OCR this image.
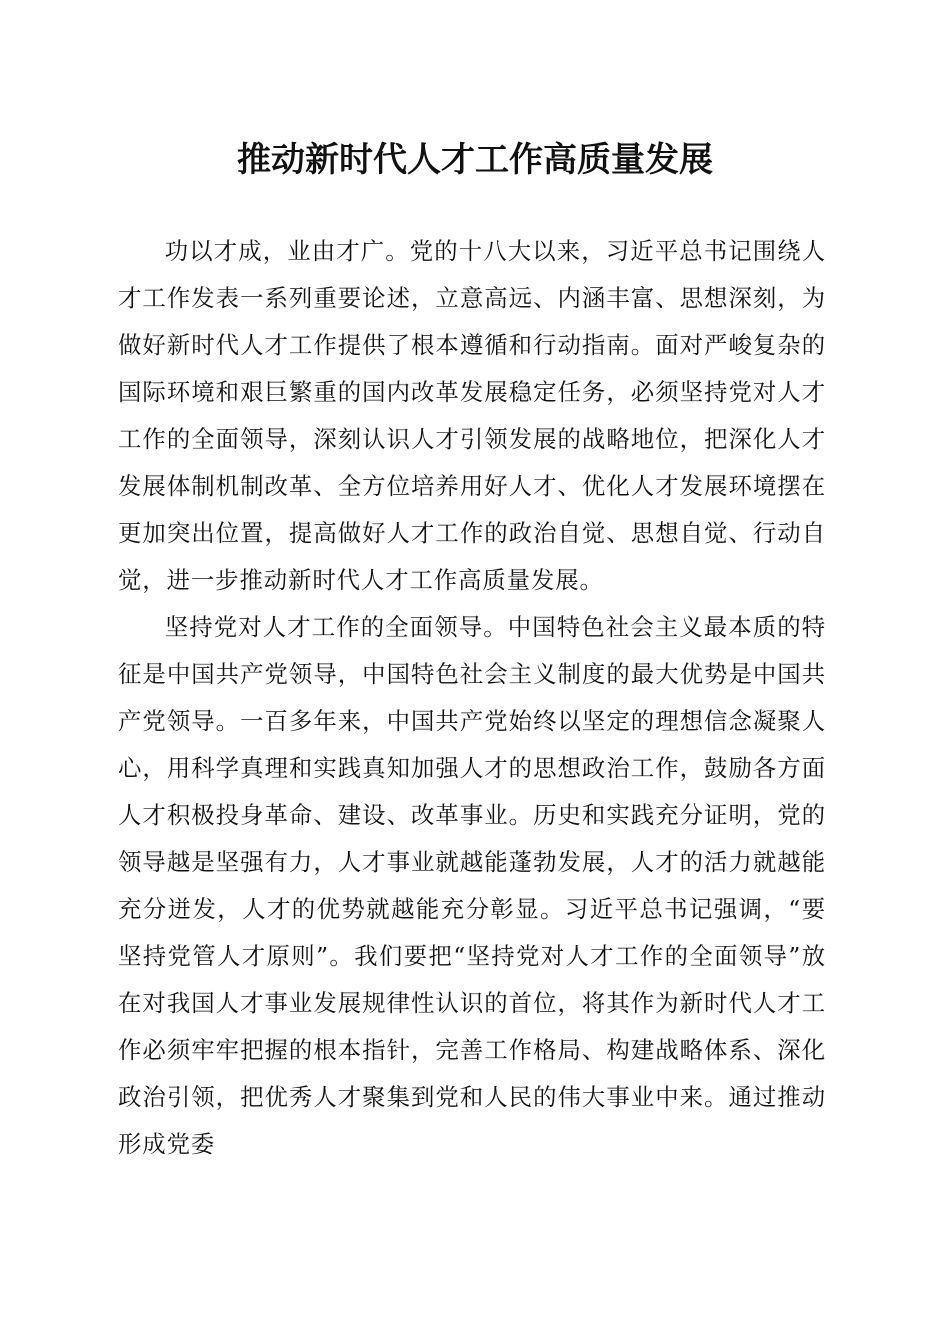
推动新时代人才工作高质量发展

功以才成，业由才广。党的十八大以来，习近平总书记围绕人才工作发表一系列重要论述，立意高远、内涵丰富、思想深刻，为做好新时代人才工作提供了根本遵循和行动指南。面对严峻复杂的国际环境和艰巨繁重的国内改革发展稳定任务，必须坚持党对人才工作的全面领导，深刻认识人才引领发展的战略地位，把深化人才发展体制机制改革、全方位培养用好人才、优化人才发展环境摆在更加突出位置，提高做好人才工作的政治自觉、思想自觉、行动自觉，进一步推动新时代人才工作高质量发展。

坚持党对人才工作的全面领导。中国特色社会主义最本质的特征是中国共产党领导，中国特色社会主义制度的最大优势是中国共产党领导。一百多年来，中国共产党始终以坚定的理想信念凝聚人心，用科学真理和实践真知加强人才的思想政治工作，鼓励各方面人才积极投身革命、建设、改革事业。历史和实践充分证明，党的领导越是坚强有力，人才事业就越能蓬勃发展，人才的活力就越能充分迸发，人才的优势就越能充分彰显。习近平总书记强调，“要坚持党管人才原则”。我们要把“坚持党对人才工作的全面领导”放在对我国人才事业发展规律性认识的首位，将其作为新时代人才工作必须牢牢把握的根本指针，完善工作格局、构建战略体系、深化政治引领，把优秀人才聚集到党和人民的伟大事业中来。通过推动形成党委
